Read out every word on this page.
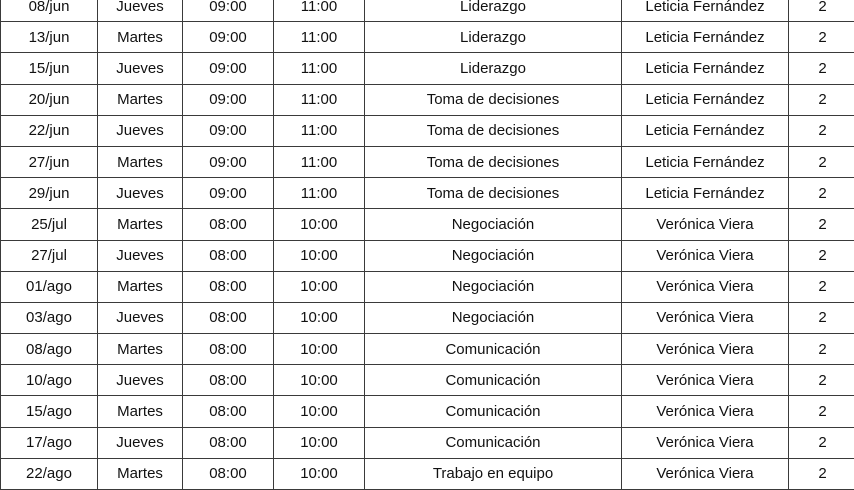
08/jun	Jueves	09:00	11:00	Liderazgo	Leticia Fernández	2
13/jun	Martes	09:00	11:00	Liderazgo	Leticia Fernández	2
15/jun	Jueves	09:00	11:00	Liderazgo	Leticia Fernández	2
20/jun	Martes	09:00	11:00	Toma de decisiones	Leticia Fernández	2
22/jun	Jueves	09:00	11:00	Toma de decisiones	Leticia Fernández	2
27/jun	Martes	09:00	11:00	Toma de decisiones	Leticia Fernández	2
29/jun	Jueves	09:00	11:00	Toma de decisiones	Leticia Fernández	2
25/jul	Martes	08:00	10:00	Negociación	Verónica Viera	2
27/jul	Jueves	08:00	10:00	Negociación	Verónica Viera	2
01/ago	Martes	08:00	10:00	Negociación	Verónica Viera	2
03/ago	Jueves	08:00	10:00	Negociación	Verónica Viera	2
08/ago	Martes	08:00	10:00	Comunicación	Verónica Viera	2
10/ago	Jueves	08:00	10:00	Comunicación	Verónica Viera	2
15/ago	Martes	08:00	10:00	Comunicación	Verónica Viera	2
17/ago	Jueves	08:00	10:00	Comunicación	Verónica Viera	2
22/ago	Martes	08:00	10:00	Trabajo en equipo	Verónica Viera	2
